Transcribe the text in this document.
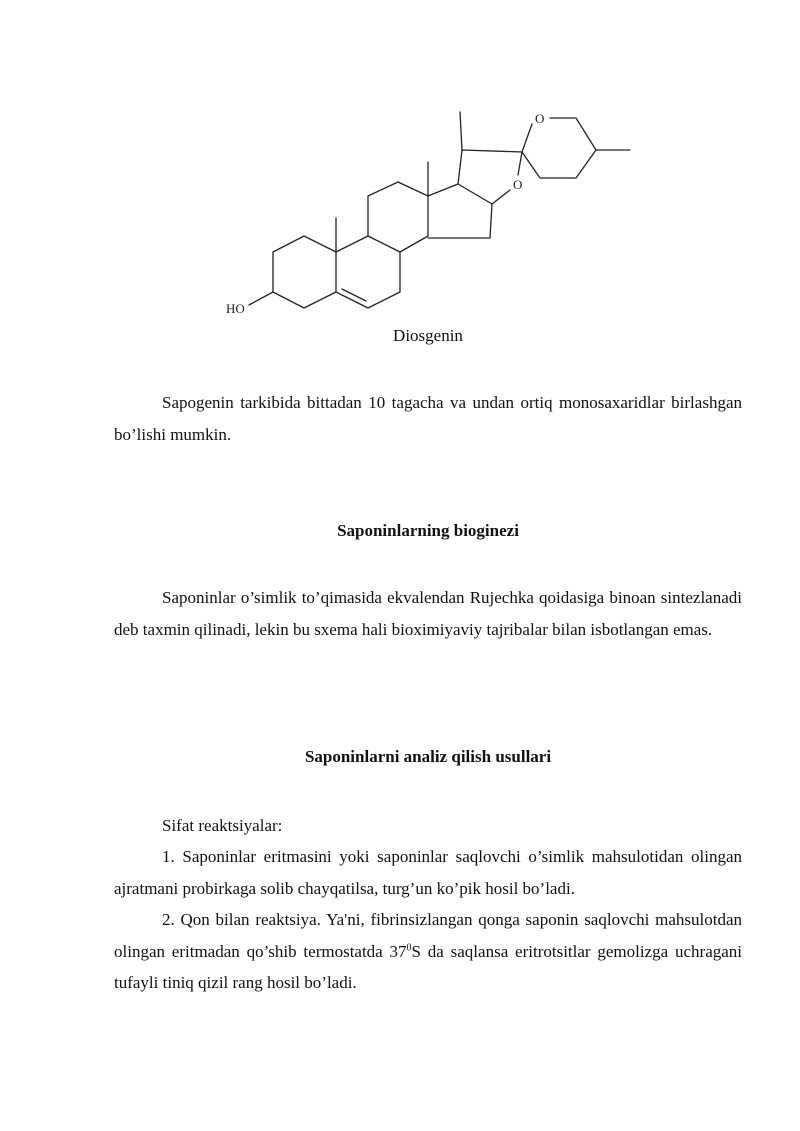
HO
O
O
Diosgenin

Sapogenin tarkibida bittadan 10 tagacha va undan ortiq monosaxaridlar birlashgan bo’lishi mumkin.

Saponinlarning bioginezi

Saponinlar o’simlik to’qimasida ekvalendan Rujechka qoidasiga binoan sintezlanadi deb taxmin qilinadi, lekin bu sxema hali bioximiyaviy tajribalar bilan isbotlangan emas.

Saponinlarni analiz qilish usullari

Sifat reaktsiyalar:

1. Saponinlar eritmasini yoki saponinlar saqlovchi o’simlik mahsulotidan olingan ajratmani probirkaga solib chayqatilsa, turg’un ko’pik hosil bo’ladi.

2. Qon bilan reaktsiya. Ya'ni, fibrinsizlangan qonga saponin saqlovchi mahsulotdan olingan eritmadan qo’shib termostatda $37^0S$ da saqlansa eritrotsitlar gemolizga uchragani tufayli tiniq qizil rang hosil bo’ladi.
